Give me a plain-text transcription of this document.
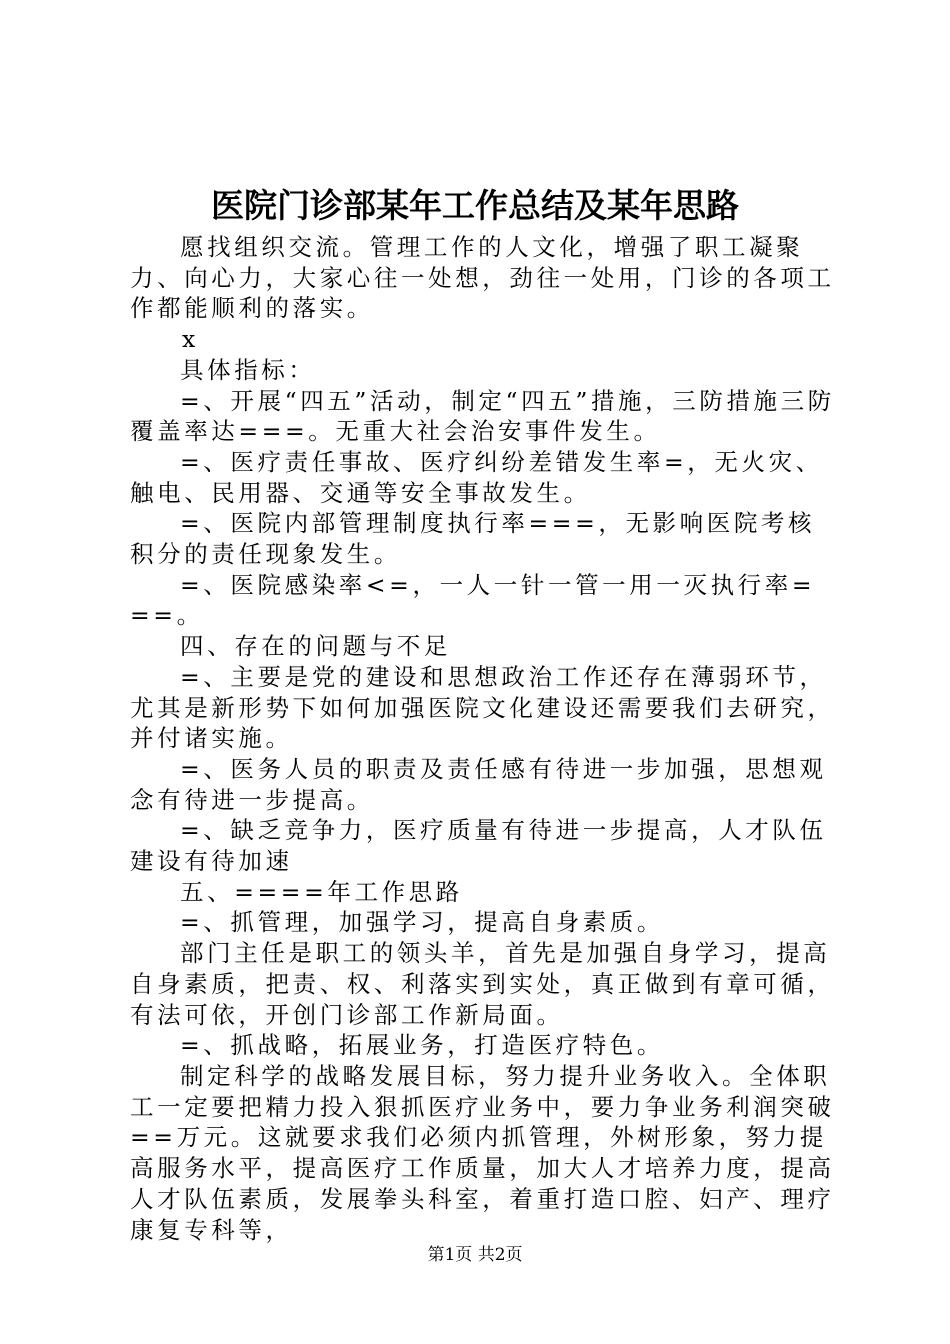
医院门诊部某年工作总结及某年思路

愿找组织交流。管理工作的人文化，增强了职工凝聚力、向心力，大家心往一处想，劲往一处用，门诊的各项工作都能顺利的落实。

x

具体指标：

=、开展“四五”活动，制定“四五”措施，三防措施三防覆盖率达===。无重大社会治安事件发生。

=、医疗责任事故、医疗纠纷差错发生率=，无火灾、触电、民用器、交通等安全事故发生。

=、医院内部管理制度执行率===，无影响医院考核积分的责任现象发生。

=、医院感染率<=，一人一针一管一用一灭执行率===。

四、存在的问题与不足

=、主要是党的建设和思想政治工作还存在薄弱环节，尤其是新形势下如何加强医院文化建设还需要我们去研究，并付诸实施。

=、医务人员的职责及责任感有待进一步加强，思想观念有待进一步提高。

=、缺乏竞争力，医疗质量有待进一步提高，人才队伍建设有待加速

五、====年工作思路

=、抓管理，加强学习，提高自身素质。

部门主任是职工的领头羊，首先是加强自身学习，提高自身素质，把责、权、利落实到实处，真正做到有章可循，有法可依，开创门诊部工作新局面。

=、抓战略，拓展业务，打造医疗特色。

制定科学的战略发展目标，努力提升业务收入。全体职工一定要把精力投入狠抓医疗业务中，要力争业务利润突破==万元。这就要求我们必须内抓管理，外树形象，努力提高服务水平，提高医疗工作质量，加大人才培养力度，提高人才队伍素质，发展拳头科室，着重打造口腔、妇产、理疗康复专科等，

第1页 共2页
